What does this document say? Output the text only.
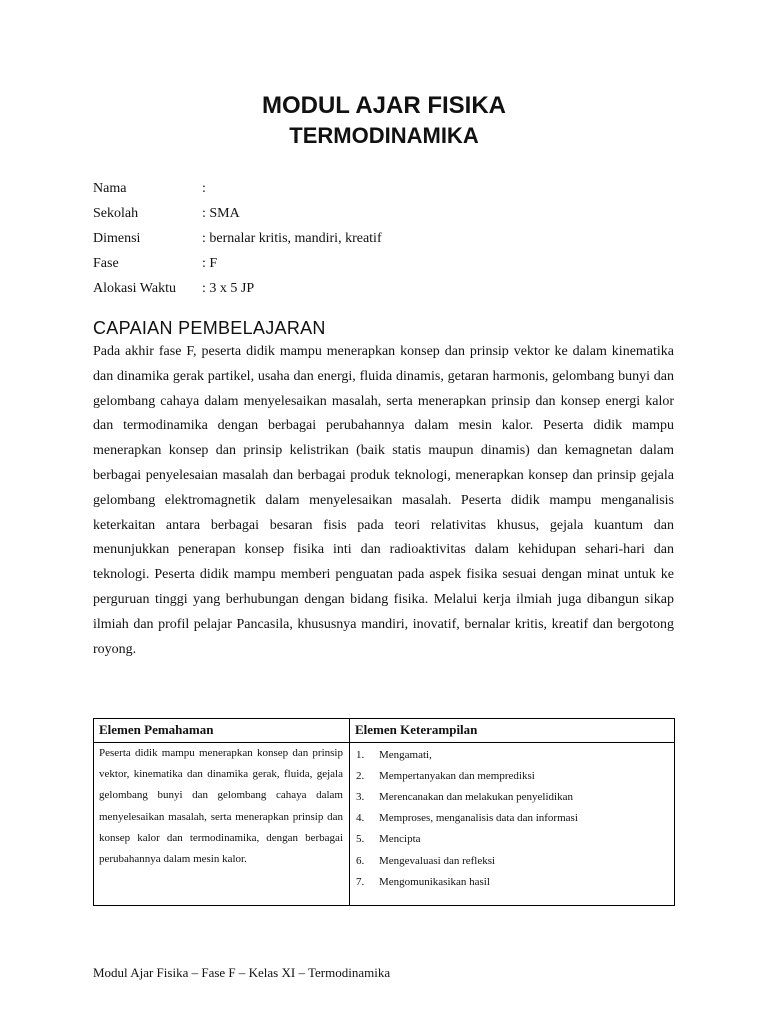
MODUL AJAR FISIKA
TERMODINAMIKA
Nama	:
Sekolah	: SMA
Dimensi	: bernalar kritis, mandiri, kreatif
Fase	: F
Alokasi Waktu	: 3 x 5 JP
CAPAIAN PEMBELAJARAN

Pada akhir fase F, peserta didik mampu menerapkan konsep dan prinsip vektor ke dalam kinematika dan dinamika gerak partikel, usaha dan energi, fluida dinamis, getaran harmonis, gelombang bunyi dan gelombang cahaya dalam menyelesaikan masalah, serta menerapkan prinsip dan konsep energi kalor dan termodinamika dengan berbagai perubahannya dalam mesin kalor. Peserta didik mampu menerapkan konsep dan prinsip kelistrikan (baik statis maupun dinamis) dan kemagnetan dalam berbagai penyelesaian masalah dan berbagai produk teknologi, menerapkan konsep dan prinsip gejala gelombang elektromagnetik dalam menyelesaikan masalah. Peserta didik mampu menganalisis keterkaitan antara berbagai besaran fisis pada teori relativitas khusus, gejala kuantum dan menunjukkan penerapan konsep fisika inti dan radioaktivitas dalam kehidupan sehari-hari dan teknologi. Peserta didik mampu memberi penguatan pada aspek fisika sesuai dengan minat untuk ke perguruan tinggi yang berhubungan dengan bidang fisika. Melalui kerja ilmiah juga dibangun sikap ilmiah dan profil pelajar Pancasila, khususnya mandiri, inovatif, bernalar kritis, kreatif dan bergotong royong.

Elemen Pemahaman	Elemen Keterampilan
Peserta didik mampu menerapkan konsep dan prinsip vektor, kinematika dan dinamika gerak, fluida, gejala gelombang bunyi dan gelombang cahaya dalam menyelesaikan masalah, serta menerapkan prinsip dan konsep kalor dan termodinamika, dengan berbagai perubahannya dalam mesin kalor.
1.	Mengamati,
2.	Mempertanyakan dan memprediksi
3.	Merencanakan dan melakukan penyelidikan
4.	Memproses, menganalisis data dan informasi
5.	Mencipta
6.	Mengevaluasi dan refleksi
7.	Mengomunikasikan hasil
Modul Ajar Fisika – Fase F – Kelas XI – Termodinamika
